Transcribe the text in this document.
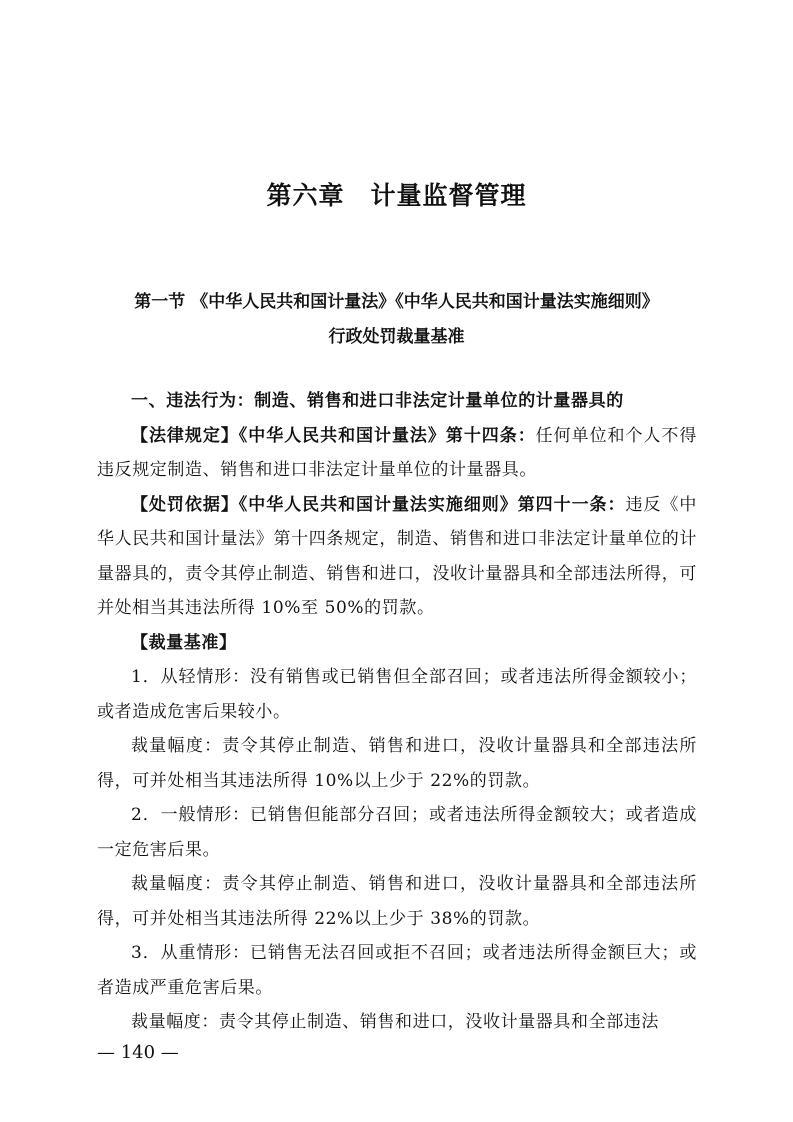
第六章　计量监督管理
第一节 《中华人民共和国计量法》《中华人民共和国计量法实施细则》
行政处罚裁量基准

一、违法行为：制造、销售和进口非法定计量单位的计量器具的

【法律规定】《中华人民共和国计量法》第十四条：任何单位和个人不得违反规定制造、销售和进口非法定计量单位的计量器具。

【处罚依据】《中华人民共和国计量法实施细则》第四十一条：违反《中华人民共和国计量法》第十四条规定，制造、销售和进口非法定计量单位的计量器具的，责令其停止制造、销售和进口，没收计量器具和全部违法所得，可并处相当其违法所得 10%至 50%的罚款。

【裁量基准】

1．从轻情形：没有销售或已销售但全部召回；或者违法所得金额较小；或者造成危害后果较小。

裁量幅度：责令其停止制造、销售和进口，没收计量器具和全部违法所得，可并处相当其违法所得 10%以上少于 22%的罚款。

2．一般情形：已销售但能部分召回；或者违法所得金额较大；或者造成一定危害后果。

裁量幅度：责令其停止制造、销售和进口，没收计量器具和全部违法所得，可并处相当其违法所得 22%以上少于 38%的罚款。

3．从重情形：已销售无法召回或拒不召回；或者违法所得金额巨大；或者造成严重危害后果。

裁量幅度：责令其停止制造、销售和进口，没收计量器具和全部违法

— 140 —
